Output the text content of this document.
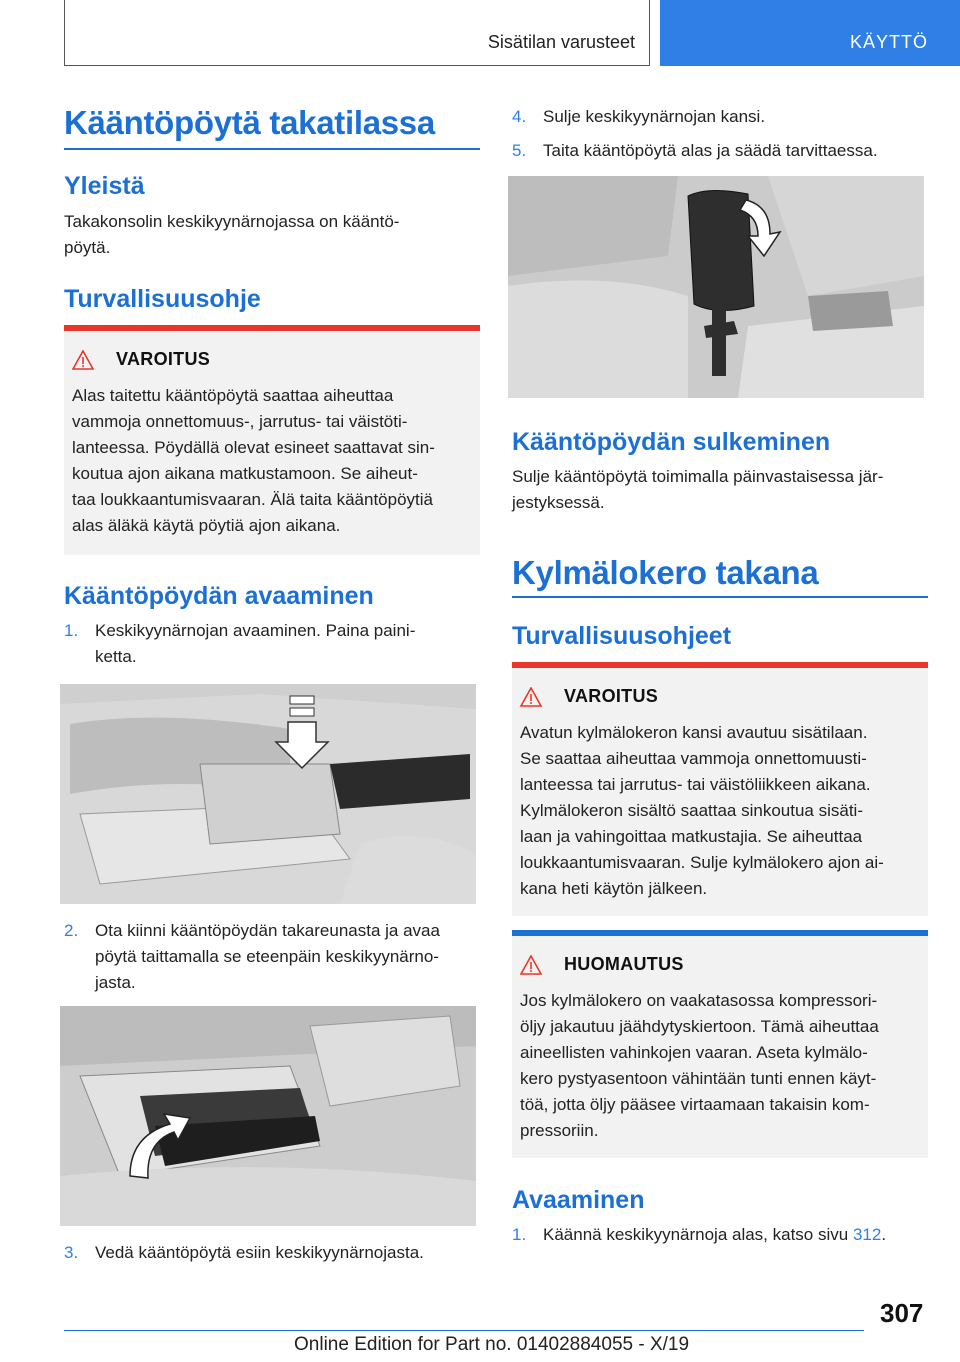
Sisätilan varusteet	KÄYTTÖ
Kääntöpöytä takatilassa
Yleistä
Takakonsolin keskikyynärnojassa on kääntö-
pöytä.
Turvallisuusohje
VAROITUS
Alas taitettu kääntöpöytä saattaa aiheuttaa
vammoja onnettomuus-, jarrutus- tai väistöti-
lanteessa. Pöydällä olevat esineet saattavat sin-
koutua ajon aikana matkustamoon. Se aiheut-
taa loukkaantumisvaaran. Älä taita kääntöpöytiä
alas äläkä käytä pöytiä ajon aikana.
Kääntöpöydän avaaminen
1. Keskikyynärnojan avaaminen. Paina paini-
ketta.
2. Ota kiinni kääntöpöydän takareunasta ja avaa
pöytä taittamalla se eteenpäin keskikyynärno-
jasta.
3. Vedä kääntöpöytä esiin keskikyynärnojasta.
4. Sulje keskikyynärnojan kansi.
5. Taita kääntöpöytä alas ja säädä tarvittaessa.
Kääntöpöydän sulkeminen
Sulje kääntöpöytä toimimalla päinvastaisessa jär-
jestyksessä.
Kylmälokero takana
Turvallisuusohjeet
VAROITUS
Avatun kylmälokeron kansi avautuu sisätilaan.
Se saattaa aiheuttaa vammoja onnettomuusti-
lanteessa tai jarrutus- tai väistöliikkeen aikana.
Kylmälokeron sisältö saattaa sinkoutua sisäti-
laan ja vahingoittaa matkustajia. Se aiheuttaa
loukkaantumisvaaran. Sulje kylmälokero ajon ai-
kana heti käytön jälkeen.
HUOMAUTUS
Jos kylmälokero on vaakatasossa kompressori-
öljy jakautuu jäähdytyskiertoon. Tämä aiheuttaa
aineellisten vahinkojen vaaran. Aseta kylmälo-
kero pystyasentoon vähintään tunti ennen käyt-
töä, jotta öljy pääsee virtaamaan takaisin kom-
pressoriin.
Avaaminen
1. Käännä keskikyynärnoja alas, katso sivu 312.
307
Online Edition for Part no. 01402884055 - X/19
